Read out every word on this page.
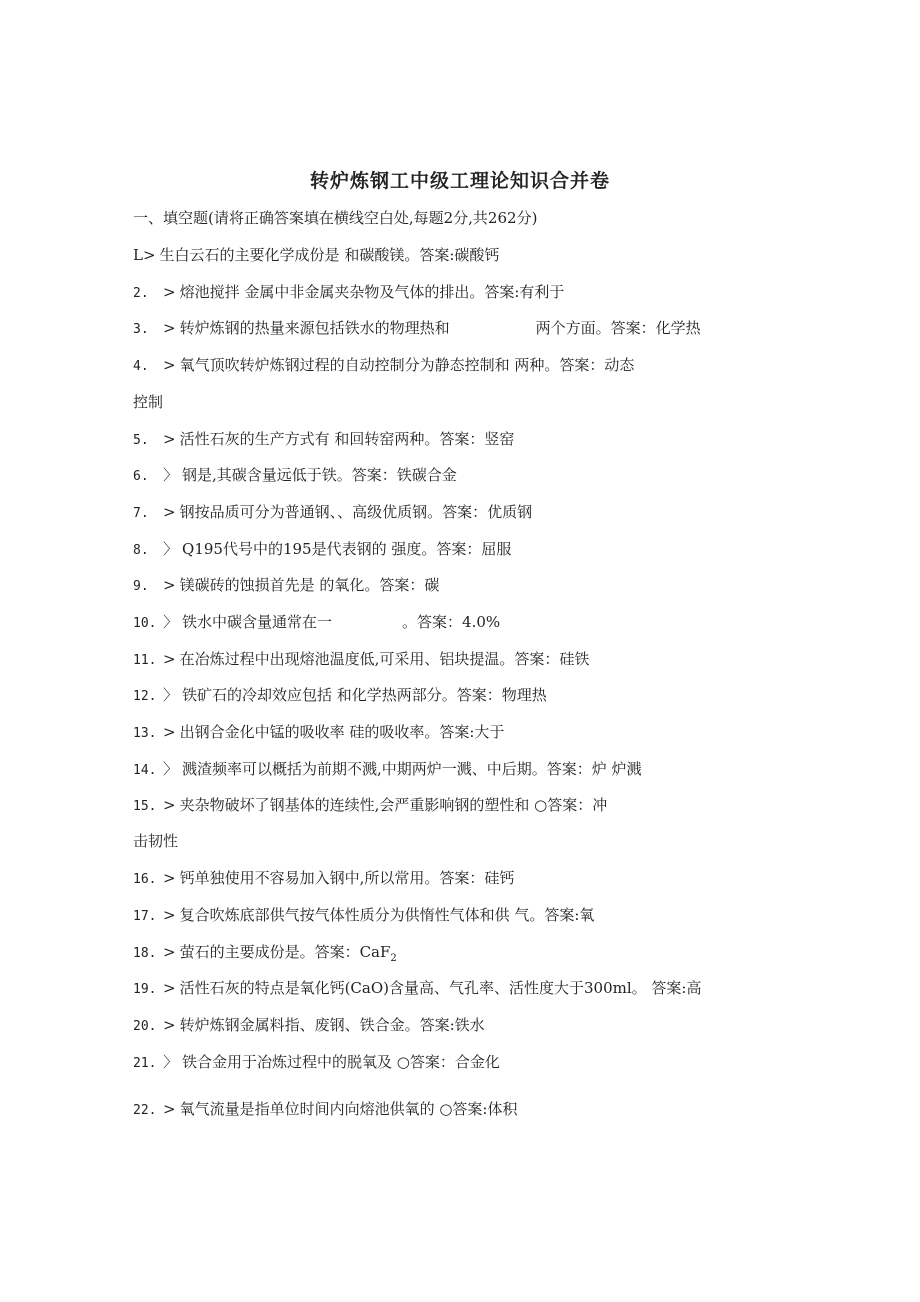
转炉炼钢工中级工理论知识合并卷
一、填空题(请将正确答案填在横线空白处,每题2分,共262分)
L> 生白云石的主要化学成份是 和碳酸镁。答案:碳酸钙
2. > 熔池搅拌 金属中非金属夹杂物及气体的排出。答案:有利于
3. > 转炉炼钢的热量来源包括铁水的物理热和	两个方面。答案：化学热
4. > 氧气顶吹转炉炼钢过程的自动控制分为静态控制和 两种。答案：动态
控制
5. > 活性石灰的生产方式有 和回转窑两种。答案：竖窑
6. 〉 钢是,其碳含量远低于铁。答案：铁碳合金
7. > 钢按品质可分为普通钢、、高级优质钢。答案：优质钢
8. 〉 Q195代号中的195是代表钢的 强度。答案：屈服
9. > 镁碳砖的蚀损首先是 的氧化。答案：碳
10. 〉 铁水中碳含量通常在一	。答案：4.0%
11. > 在冶炼过程中出现熔池温度低,可采用、铝块提温。答案：硅铁
12. 〉 铁矿石的冷却效应包括 和化学热两部分。答案：物理热
13. > 出钢合金化中锰的吸收率 硅的吸收率。答案:大于
14. 〉 溅渣频率可以概括为前期不溅,中期两炉一溅、中后期。答案：炉 炉溅
15. > 夹杂物破坏了钢基体的连续性,会严重影响钢的塑性和 ○答案：冲
击韧性
16. > 钙单独使用不容易加入钢中,所以常用。答案：硅钙
17. > 复合吹炼底部供气按气体性质分为供惰性气体和供 气。答案:氧
18. > 萤石的主要成份是。答案：CaF$_2$
19. > 活性石灰的特点是氧化钙(CaO)含量高、气孔率、活性度大于300ml。 答案:高
20. > 转炉炼钢金属料指、废钢、铁合金。答案:铁水
21. 〉 铁合金用于冶炼过程中的脱氧及 ○答案：合金化
22. > 氧气流量是指单位时间内向熔池供氧的 ○答案:体积
